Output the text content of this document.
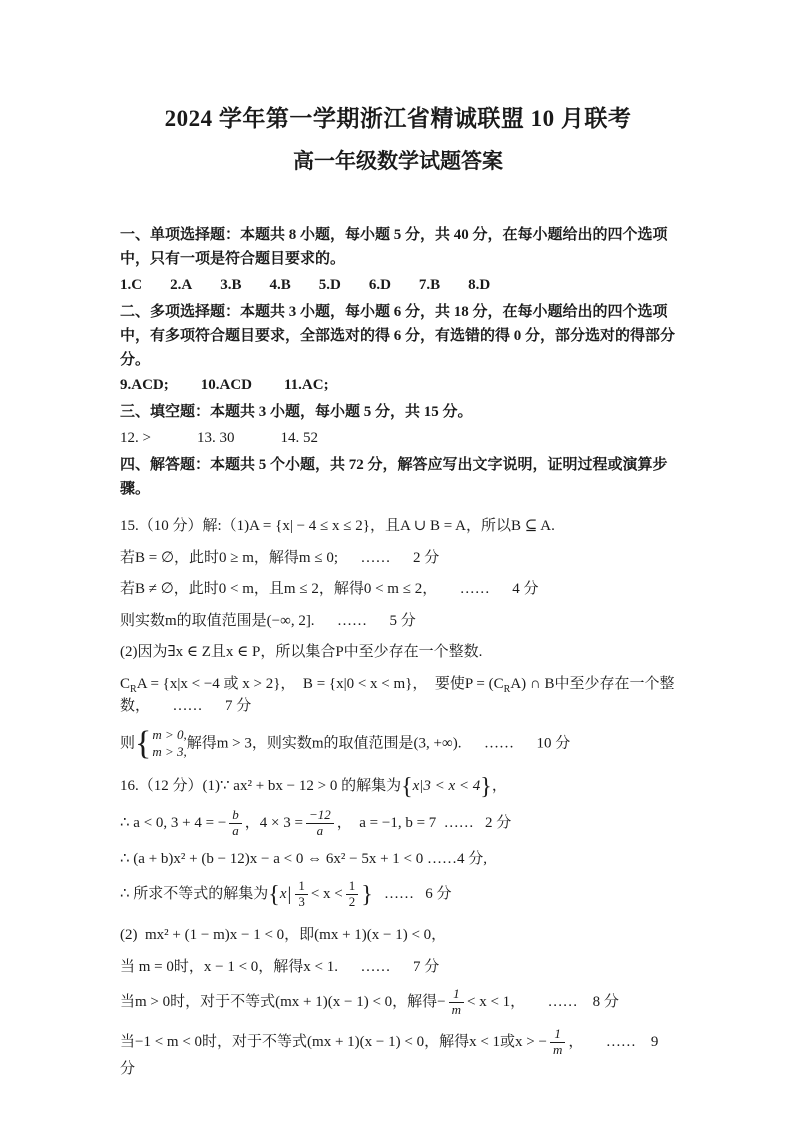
2024 学年第一学期浙江省精诚联盟 10 月联考
高一年级数学试题答案

一、单项选择题：本题共 8 小题，每小题 5 分，共 40 分，在每小题给出的四个选项中，只有一项是符合题目要求的。

1.C 2.A 3.B 4.B 5.D 6.D 7.B 8.D

二、多项选择题：本题共 3 小题，每小题 6 分，共 18 分，在每小题给出的四个选项中，有多项符合题目要求，全部选对的得 6 分，有选错的得 0 分，部分选对的得部分分。

9.ACD; 10.ACD 11.AC;

三、填空题：本题共 3 小题，每小题 5 分，共 15 分。

12. >	13. 30	14. 52

四、解答题：本题共 5 个小题，共 72 分，解答应写出文字说明，证明过程或演算步骤。

15.（10 分）解:（1)A = {x| − 4 ≤ x ≤ 2}，且A ∪ B = A，所以B ⊆ A.

若B = ∅，此时0 ≥ m，解得m ≤ 0;      ……      2 分

若B ≠ ∅，此时0 < m，且m ≤ 2，解得0 < m ≤ 2，      ……      4 分

则实数m的取值范围是(−∞, 2].      ……      5 分

(2)因为∃x ∈ Z且x ∈ P，所以集合P中至少存在一个整数.

$C_RA = \{x|x < -4$ 或 x > 2}，  B = {x|0 < x < m}，  要使$P = (C_RA)$ ∩ B中至少存在一个整数，      ……      7 分

则 { m > 0,
m > 3,
解得m > 3，则实数m的取值范围是(3, +∞).      ……      10 分

16.（12 分）(1)∵ ax² + bx − 12 > 0 的解集为{x|3 < x < 4}，

∴ a < 0, 3 + 4 = − $\frac{b}{a}$ ，$4 \times 3 = \frac{-12}{a}$ ，  a = −1, b = 7  ……   2 分

∴ (a + b)x² + (b − 12)x − a < 0 ⇔ 6x² − 5x + 1 < 0 ……4 分,

∴ 所求不等式的解集为{$x| \frac{1}{3} < x < \frac{1}{2}$ }   ……   6 分

(2)  mx² + (1 − m)x − 1 < 0，即(mx + 1)(x − 1) < 0，

当 m = 0时，x − 1 < 0，解得x < 1.      ……      7 分

当m > 0时，对于不等式(mx + 1)(x − 1) < 0，解得− $\frac{1}{m} < x < 1$，      ……    8 分

当−1 < m < 0时，对于不等式(mx + 1)(x − 1) < 0，解得x < 1或x > − $\frac{1}{m}$ ，      ……    9 分
